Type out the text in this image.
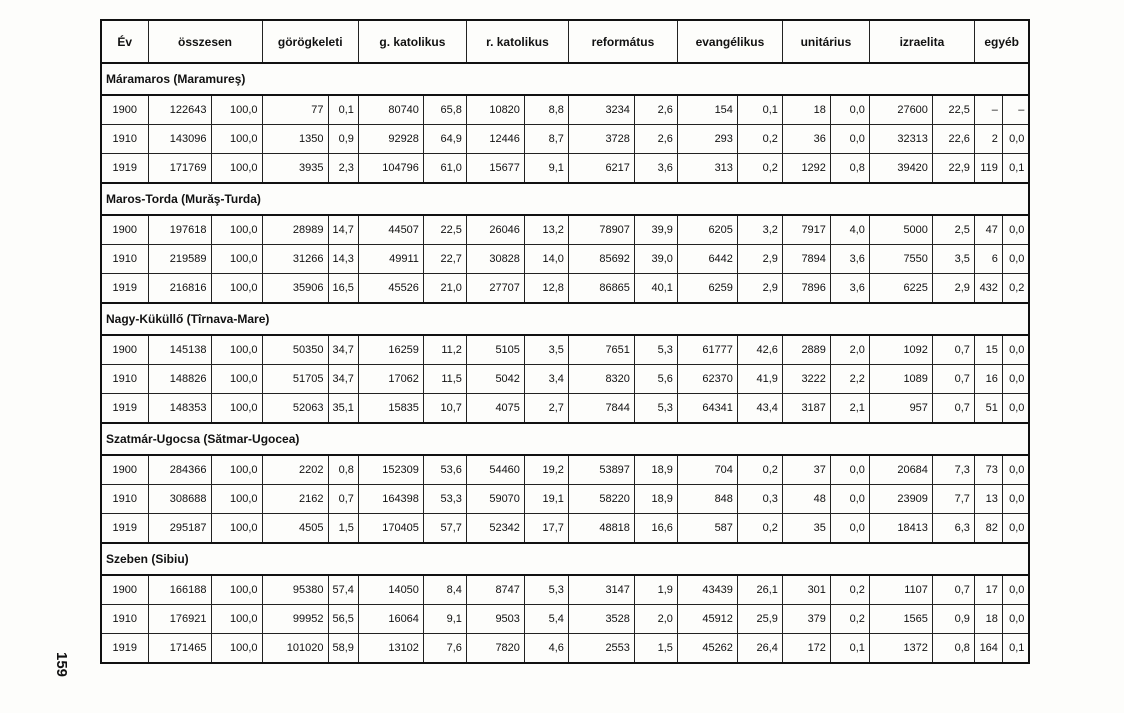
159
Év	összesen		görögkeleti		g. katolikus		r. katolikus		református		evangélikus		unitárius		izraelita		egyéb	
Máramaros (Maramureş)																		
1900	122643	100,0	77	0,1	80740	65,8	10820	8,8	3234	2,6	154	0,1	18	0,0	27600	22,5	–	–
1910	143096	100,0	1350	0,9	92928	64,9	12446	8,7	3728	2,6	293	0,2	36	0,0	32313	22,6	2	0,0
1919	171769	100,0	3935	2,3	104796	61,0	15677	9,1	6217	3,6	313	0,2	1292	0,8	39420	22,9	119	0,1
Maros-Torda (Murăş-Turda)																		
1900	197618	100,0	28989	14,7	44507	22,5	26046	13,2	78907	39,9	6205	3,2	7917	4,0	5000	2,5	47	0,0
1910	219589	100,0	31266	14,3	49911	22,7	30828	14,0	85692	39,0	6442	2,9	7894	3,6	7550	3,5	6	0,0
1919	216816	100,0	35906	16,5	45526	21,0	27707	12,8	86865	40,1	6259	2,9	7896	3,6	6225	2,9	432	0,2
Nagy-Küküllő (Tîrnava-Mare)																		
1900	145138	100,0	50350	34,7	16259	11,2	5105	3,5	7651	5,3	61777	42,6	2889	2,0	1092	0,7	15	0,0
1910	148826	100,0	51705	34,7	17062	11,5	5042	3,4	8320	5,6	62370	41,9	3222	2,2	1089	0,7	16	0,0
1919	148353	100,0	52063	35,1	15835	10,7	4075	2,7	7844	5,3	64341	43,4	3187	2,1	957	0,7	51	0,0
Szatmár-Ugocsa (Sătmar-Ugocea)																		
1900	284366	100,0	2202	0,8	152309	53,6	54460	19,2	53897	18,9	704	0,2	37	0,0	20684	7,3	73	0,0
1910	308688	100,0	2162	0,7	164398	53,3	59070	19,1	58220	18,9	848	0,3	48	0,0	23909	7,7	13	0,0
1919	295187	100,0	4505	1,5	170405	57,7	52342	17,7	48818	16,6	587	0,2	35	0,0	18413	6,3	82	0,0
Szeben (Sibiu)																		
1900	166188	100,0	95380	57,4	14050	8,4	8747	5,3	3147	1,9	43439	26,1	301	0,2	1107	0,7	17	0,0
1910	176921	100,0	99952	56,5	16064	9,1	9503	5,4	3528	2,0	45912	25,9	379	0,2	1565	0,9	18	0,0
1919	171465	100,0	101020	58,9	13102	7,6	7820	4,6	2553	1,5	45262	26,4	172	0,1	1372	0,8	164	0,1
